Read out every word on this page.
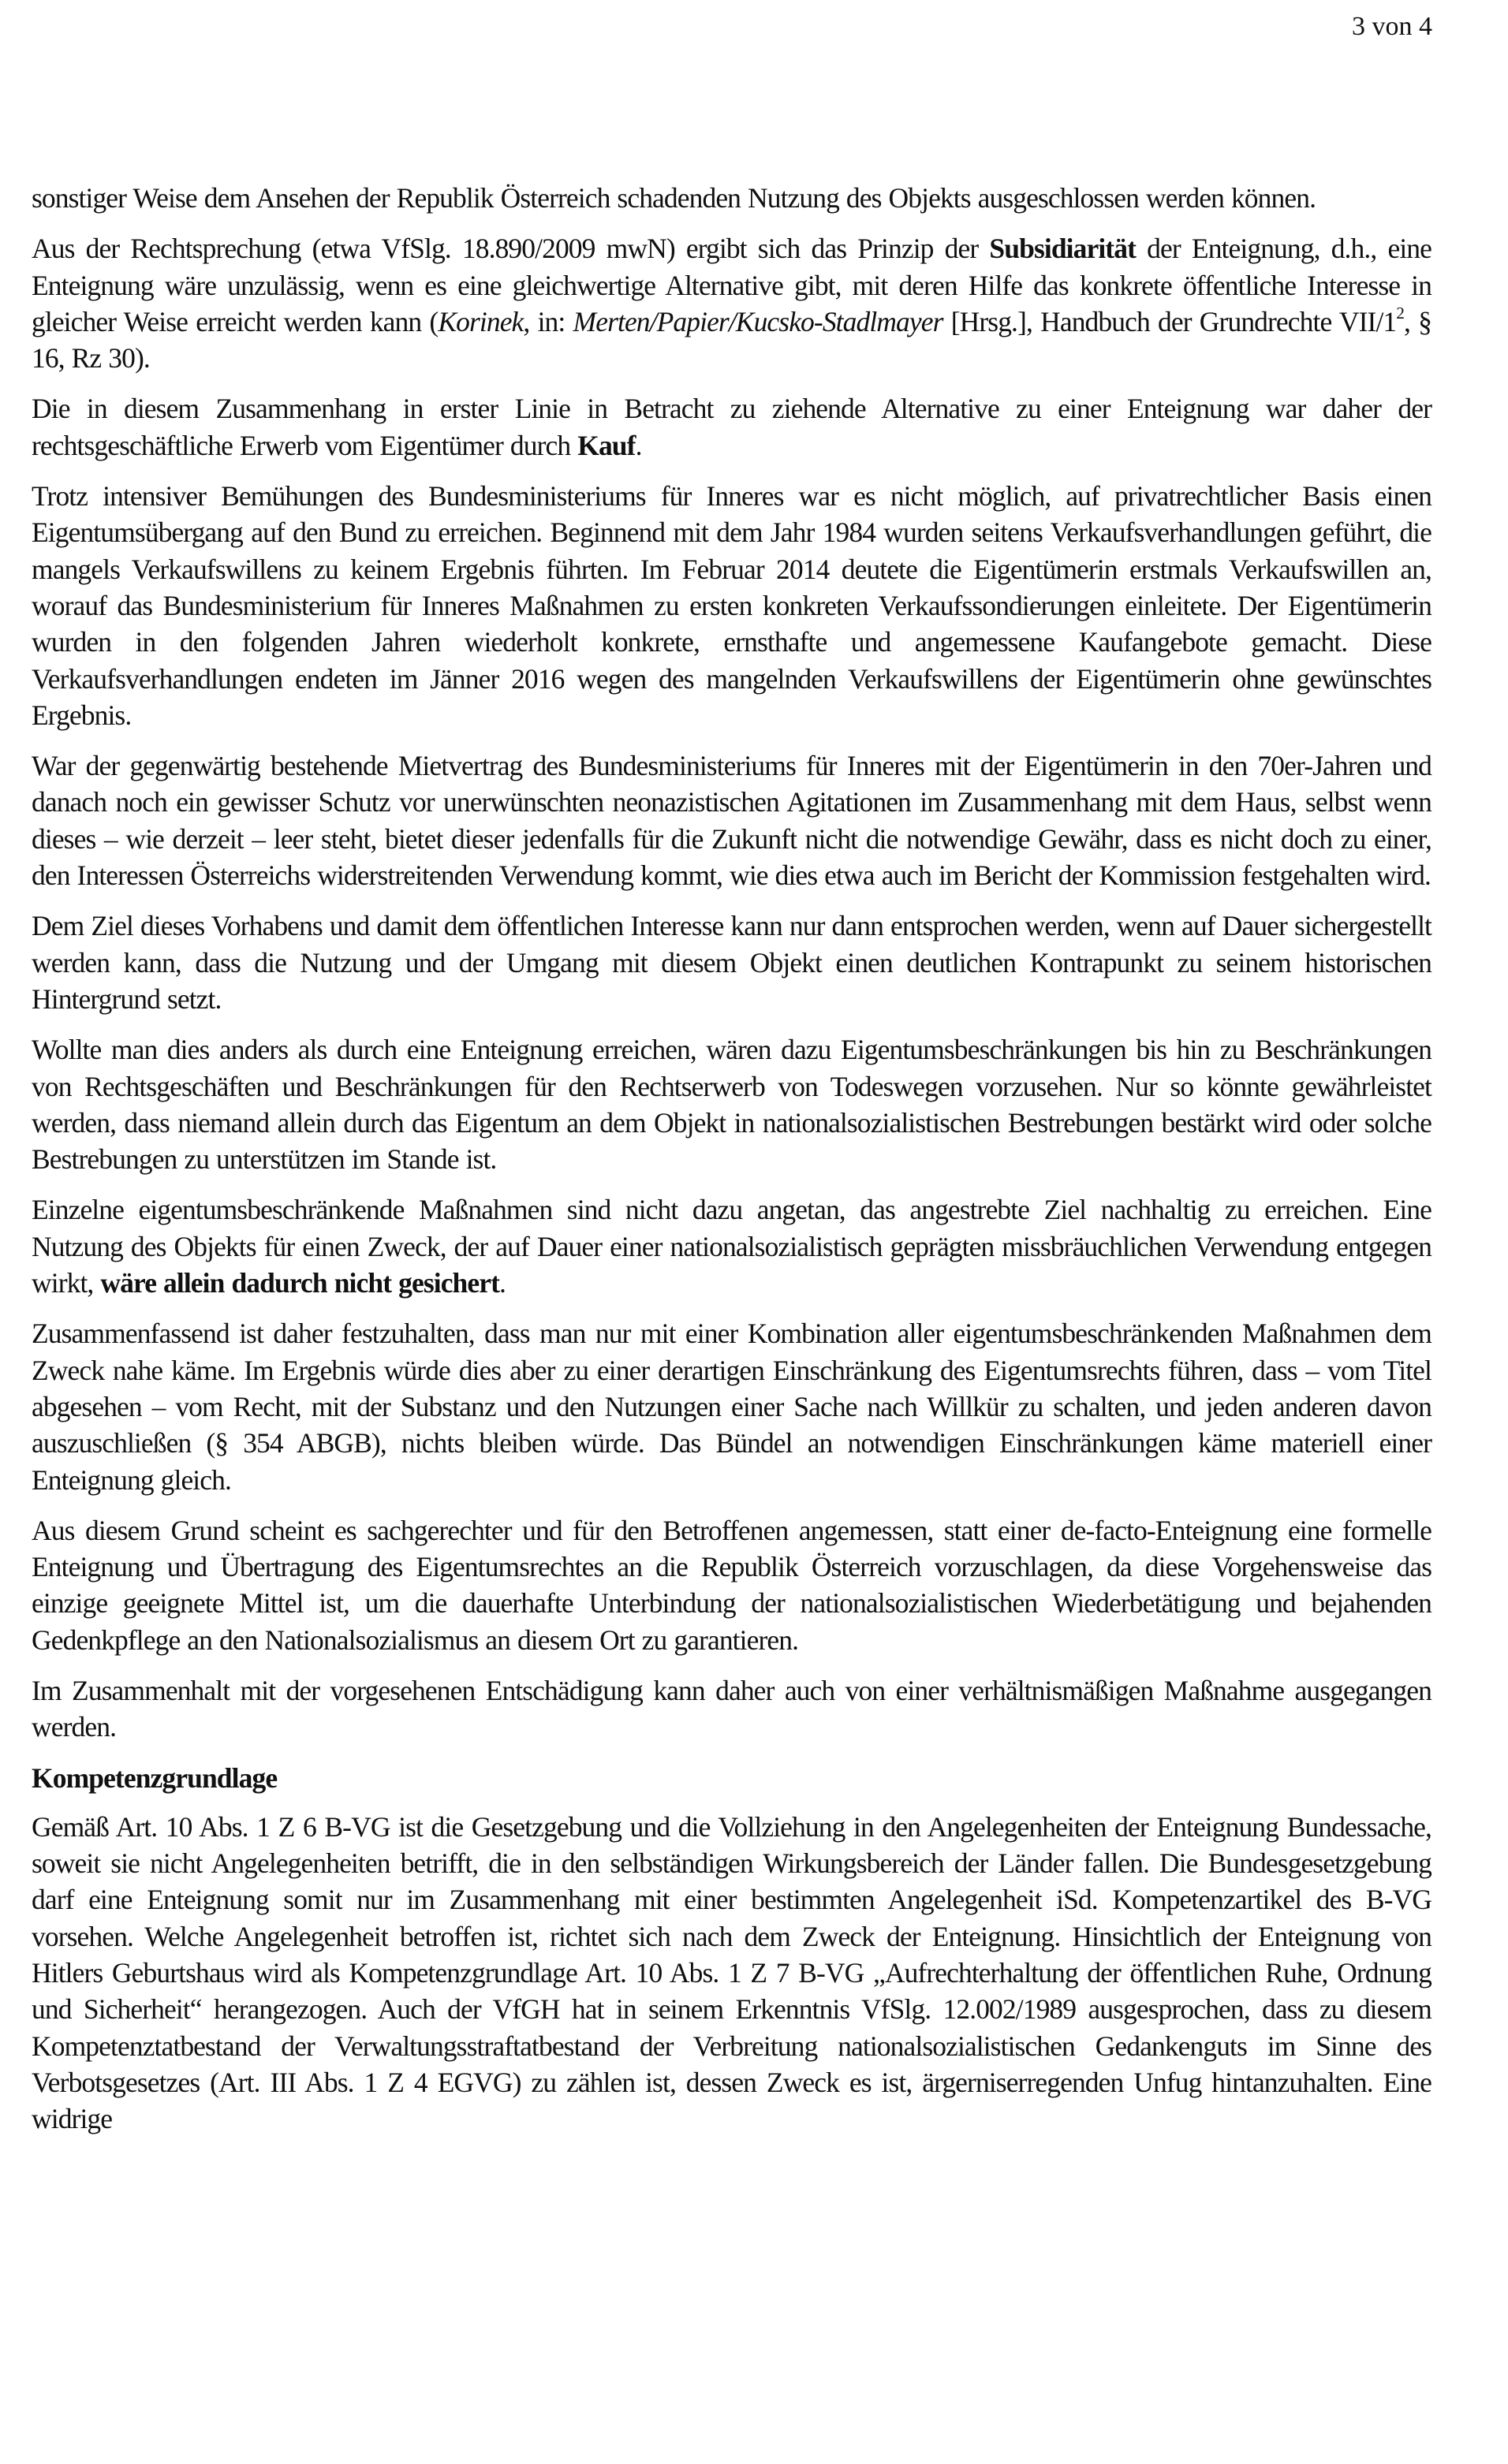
3 von 4

sonstiger Weise dem Ansehen der Republik Österreich schadenden Nutzung des Objekts ausgeschlossen werden können.

Aus der Rechtsprechung (etwa VfSlg. 18.890/2009 mwN) ergibt sich das Prinzip der Subsidiarität der Enteignung, d.h., eine Enteignung wäre unzulässig, wenn es eine gleichwertige Alternative gibt, mit deren Hilfe das konkrete öffentliche Interesse in gleicher Weise erreicht werden kann (Korinek, in: Merten/Papier/Kucsko-Stadlmayer [Hrsg.], Handbuch der Grundrechte VII/$1^2$, § 16, Rz 30).

Die in diesem Zusammenhang in erster Linie in Betracht zu ziehende Alternative zu einer Enteignung war daher der rechtsgeschäftliche Erwerb vom Eigentümer durch Kauf.

Trotz intensiver Bemühungen des Bundesministeriums für Inneres war es nicht möglich, auf privatrechtlicher Basis einen Eigentumsübergang auf den Bund zu erreichen. Beginnend mit dem Jahr 1984 wurden seitens Verkaufsverhandlungen geführt, die mangels Verkaufswillens zu keinem Ergebnis führten. Im Februar 2014 deutete die Eigentümerin erstmals Verkaufswillen an, worauf das Bundesministerium für Inneres Maßnahmen zu ersten konkreten Verkaufssondierungen einleitete. Der Eigentümerin wurden in den folgenden Jahren wiederholt konkrete, ernsthafte und angemessene Kaufangebote gemacht. Diese Verkaufsverhandlungen endeten im Jänner 2016 wegen des mangelnden Verkaufswillens der Eigentümerin ohne gewünschtes Ergebnis.

War der gegenwärtig bestehende Mietvertrag des Bundesministeriums für Inneres mit der Eigentümerin in den 70er-Jahren und danach noch ein gewisser Schutz vor unerwünschten neonazistischen Agitationen im Zusammenhang mit dem Haus, selbst wenn dieses – wie derzeit – leer steht, bietet dieser jedenfalls für die Zukunft nicht die notwendige Gewähr, dass es nicht doch zu einer, den Interessen Österreichs widerstreitenden Verwendung kommt, wie dies etwa auch im Bericht der Kommission festgehalten wird.

Dem Ziel dieses Vorhabens und damit dem öffentlichen Interesse kann nur dann entsprochen werden, wenn auf Dauer sichergestellt werden kann, dass die Nutzung und der Umgang mit diesem Objekt einen deutlichen Kontrapunkt zu seinem historischen Hintergrund setzt.

Wollte man dies anders als durch eine Enteignung erreichen, wären dazu Eigentumsbeschränkungen bis hin zu Beschränkungen von Rechtsgeschäften und Beschränkungen für den Rechtserwerb von Todeswegen vorzusehen. Nur so könnte gewährleistet werden, dass niemand allein durch das Eigentum an dem Objekt in nationalsozialistischen Bestrebungen bestärkt wird oder solche Bestrebungen zu unterstützen im Stande ist.

Einzelne eigentumsbeschränkende Maßnahmen sind nicht dazu angetan, das angestrebte Ziel nachhaltig zu erreichen. Eine Nutzung des Objekts für einen Zweck, der auf Dauer einer nationalsozialistisch geprägten missbräuchlichen Verwendung entgegen wirkt, wäre allein dadurch nicht gesichert.

Zusammenfassend ist daher festzuhalten, dass man nur mit einer Kombination aller eigentumsbeschränkenden Maßnahmen dem Zweck nahe käme. Im Ergebnis würde dies aber zu einer derartigen Einschränkung des Eigentumsrechts führen, dass – vom Titel abgesehen – vom Recht, mit der Substanz und den Nutzungen einer Sache nach Willkür zu schalten, und jeden anderen davon auszuschließen (§ 354 ABGB), nichts bleiben würde. Das Bündel an notwendigen Einschränkungen käme materiell einer Enteignung gleich.

Aus diesem Grund scheint es sachgerechter und für den Betroffenen angemessen, statt einer de-facto-Enteignung eine formelle Enteignung und Übertragung des Eigentumsrechtes an die Republik Österreich vorzuschlagen, da diese Vorgehensweise das einzige geeignete Mittel ist, um die dauerhafte Unterbindung der nationalsozialistischen Wiederbetätigung und bejahenden Gedenkpflege an den Nationalsozialismus an diesem Ort zu garantieren.

Im Zusammenhalt mit der vorgesehenen Entschädigung kann daher auch von einer verhältnismäßigen Maßnahme ausgegangen werden.

Kompetenzgrundlage

Gemäß Art. 10 Abs. 1 Z 6 B-VG ist die Gesetzgebung und die Vollziehung in den Angelegenheiten der Enteignung Bundessache, soweit sie nicht Angelegenheiten betrifft, die in den selbständigen Wirkungsbereich der Länder fallen. Die Bundesgesetzgebung darf eine Enteignung somit nur im Zusammenhang mit einer bestimmten Angelegenheit iSd. Kompetenzartikel des B-VG vorsehen. Welche Angelegenheit betroffen ist, richtet sich nach dem Zweck der Enteignung. Hinsichtlich der Enteignung von Hitlers Geburtshaus wird als Kompetenzgrundlage Art. 10 Abs. 1 Z 7 B-VG „Aufrechterhaltung der öffentlichen Ruhe, Ordnung und Sicherheit“ herangezogen. Auch der VfGH hat in seinem Erkenntnis VfSlg. 12.002/1989 ausgesprochen, dass zu diesem Kompetenztatbestand der Verwaltungsstraftatbestand der Verbreitung nationalsozialistischen Gedankenguts im Sinne des Verbotsgesetzes (Art. III Abs. 1 Z 4 EGVG) zu zählen ist, dessen Zweck es ist, ärgerniserregenden Unfug hintanzuhalten. Eine widrige
